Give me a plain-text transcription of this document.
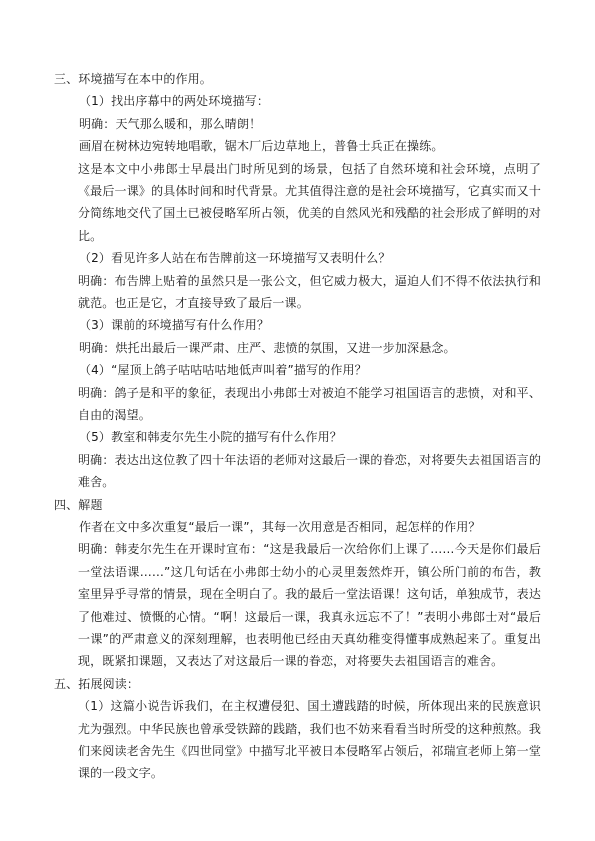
三、环境描写在本中的作用。
（1）找出序幕中的两处环境描写：
明确：天气那么暖和，那么晴朗！
画眉在树林边宛转地唱歌，锯木厂后边草地上，普鲁士兵正在操练。
这是本文中小弗郎士早晨出门时所见到的场景，包括了自然环境和社会环境，点明了《最后一课》的具体时间和时代背景。尤其值得注意的是社会环境描写，它真实而又十分简练地交代了国土已被侵略军所占领，优美的自然风光和残酷的社会形成了鲜明的对比。
（2）看见许多人站在布告牌前这一环境描写又表明什么？
明确：布告牌上贴着的虽然只是一张公文，但它威力极大，逼迫人们不得不依法执行和就范。也正是它，才直接导致了最后一课。
（3）课前的环境描写有什么作用？
明确：烘托出最后一课严肃、庄严、悲愤的氛围，又进一步加深悬念。
（4）“屋顶上鸽子咕咕咕咕地低声叫着”描写的作用？
明确：鸽子是和平的象征，表现出小弗郎士对被迫不能学习祖国语言的悲愤，对和平、自由的渴望。
（5）教室和韩麦尔先生小院的描写有什么作用？
明确：表达出这位教了四十年法语的老师对这最后一课的眷恋，对将要失去祖国语言的难舍。
四、解题
作者在文中多次重复“最后一课”，其每一次用意是否相同，起怎样的作用？
明确：韩麦尔先生在开课时宣布：“这是我最后一次给你们上课了……今天是你们最后一堂法语课……”这几句话在小弗郎士幼小的心灵里轰然炸开，镇公所门前的布告，教室里异乎寻常的情景，现在全明白了。我的最后一堂法语课！这句话，单独成节，表达了他难过、愤慨的心情。“啊！这最后一课，我真永远忘不了！”表明小弗郎士对“最后一课”的严肃意义的深刻理解，也表明他已经由天真幼稚变得懂事成熟起来了。重复出现，既紧扣课题，又表达了对这最后一课的眷恋，对将要失去祖国语言的难舍。
五、拓展阅读：
（1）这篇小说告诉我们，在主权遭侵犯、国土遭践踏的时候，所体现出来的民族意识尤为强烈。中华民族也曾承受铁蹄的践踏，我们也不妨来看看当时所受的这种煎熬。我们来阅读老舍先生《四世同堂》中描写北平被日本侵略军占领后，祁瑞宣老师上第一堂课的一段文字。
